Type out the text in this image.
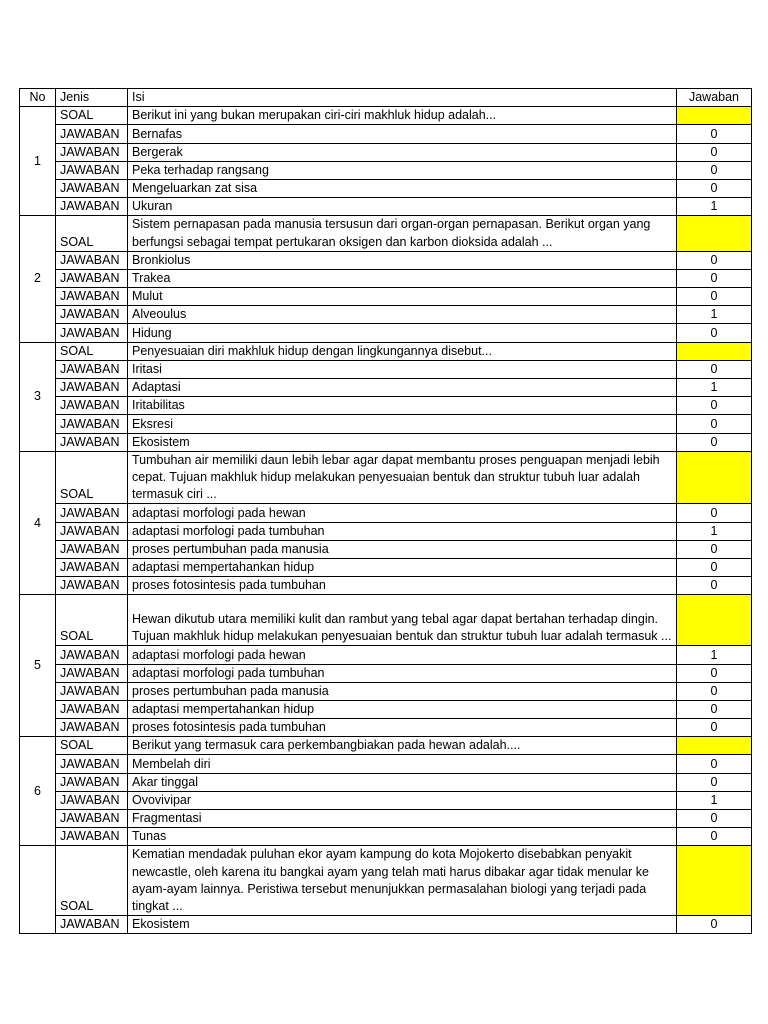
No	Jenis	Isi	Jawaban
1	SOAL	Berikut ini yang bukan merupakan ciri-ciri makhluk hidup adalah...	
	JAWABAN	Bernafas	0
	JAWABAN	Bergerak	0
	JAWABAN	Peka terhadap rangsang	0
	JAWABAN	Mengeluarkan zat sisa	0
	JAWABAN	Ukuran	1
2	SOAL	Sistem pernapasan pada manusia tersusun dari organ-organ pernapasan. Berikut organ yang berfungsi sebagai tempat pertukaran oksigen dan karbon dioksida adalah ...	
	JAWABAN	Bronkiolus	0
	JAWABAN	Trakea	0
	JAWABAN	Mulut	0
	JAWABAN	Alveoulus	1
	JAWABAN	Hidung	0
3	SOAL	Penyesuaian diri makhluk hidup dengan lingkungannya disebut...	
	JAWABAN	Iritasi	0
	JAWABAN	Adaptasi	1
	JAWABAN	Iritabilitas	0
	JAWABAN	Eksresi	0
	JAWABAN	Ekosistem	0
4	SOAL	Tumbuhan air memiliki daun lebih lebar agar dapat membantu proses penguapan menjadi lebih cepat. Tujuan makhluk hidup melakukan penyesuaian bentuk dan struktur tubuh luar adalah termasuk ciri ...	
	JAWABAN	adaptasi morfologi pada hewan	0
	JAWABAN	adaptasi morfologi pada tumbuhan	1
	JAWABAN	proses pertumbuhan pada manusia	0
	JAWABAN	adaptasi mempertahankan hidup	0
	JAWABAN	proses fotosintesis pada tumbuhan	0
5	SOAL	Hewan dikutub utara memiliki kulit dan rambut yang tebal agar dapat bertahan terhadap dingin. Tujuan makhluk hidup melakukan penyesuaian bentuk dan struktur tubuh luar adalah termasuk ...	
	JAWABAN	adaptasi morfologi pada hewan	1
	JAWABAN	adaptasi morfologi pada tumbuhan	0
	JAWABAN	proses pertumbuhan pada manusia	0
	JAWABAN	adaptasi mempertahankan hidup	0
	JAWABAN	proses fotosintesis pada tumbuhan	0
6	SOAL	Berikut yang termasuk cara perkembangbiakan pada hewan adalah....	
	JAWABAN	Membelah diri	0
	JAWABAN	Akar tinggal	0
	JAWABAN	Ovovivipar	1
	JAWABAN	Fragmentasi	0
	JAWABAN	Tunas	0
	SOAL	Kematian mendadak puluhan ekor ayam kampung do kota Mojokerto disebabkan penyakit newcastle, oleh karena itu bangkai ayam yang telah mati harus dibakar agar tidak menular ke ayam-ayam lainnya. Peristiwa tersebut menunjukkan permasalahan biologi yang terjadi pada tingkat ...	
	JAWABAN	Ekosistem	0
